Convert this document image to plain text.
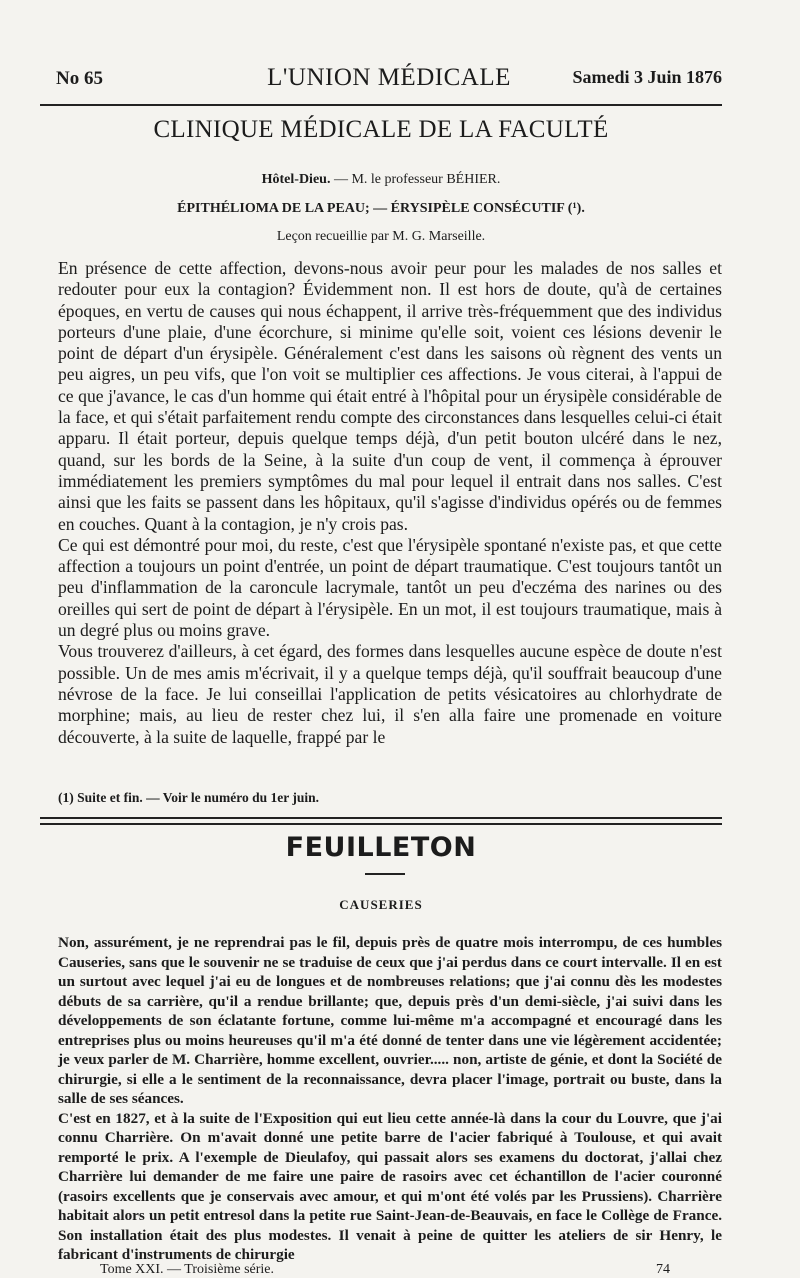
No 65	L'UNION MÉDICALE	Samedi 3 Juin 1876
CLINIQUE MÉDICALE DE LA FACULTÉ
Hôtel-Dieu. — M. le professeur BÉHIER.
ÉPITHÉLIOMA DE LA PEAU; — ÉRYSIPÈLE CONSÉCUTIF (¹).
Leçon recueillie par M. G. Marseille.

En présence de cette affection, devons-nous avoir peur pour les malades de nos salles et redouter pour eux la contagion? Évidemment non. Il est hors de doute, qu'à de certaines époques, en vertu de causes qui nous échappent, il arrive très-fréquemment que des individus porteurs d'une plaie, d'une écorchure, si minime qu'elle soit, voient ces lésions devenir le point de départ d'un érysipèle. Généralement c'est dans les saisons où règnent des vents un peu aigres, un peu vifs, que l'on voit se multiplier ces affections. Je vous citerai, à l'appui de ce que j'avance, le cas d'un homme qui était entré à l'hôpital pour un érysipèle considérable de la face, et qui s'était parfaitement rendu compte des circonstances dans lesquelles celui-ci était apparu. Il était porteur, depuis quelque temps déjà, d'un petit bouton ulcéré dans le nez, quand, sur les bords de la Seine, à la suite d'un coup de vent, il commença à éprouver immédiatement les premiers symptômes du mal pour lequel il entrait dans nos salles. C'est ainsi que les faits se passent dans les hôpitaux, qu'il s'agisse d'individus opérés ou de femmes en couches. Quant à la contagion, je n'y crois pas.

Ce qui est démontré pour moi, du reste, c'est que l'érysipèle spontané n'existe pas, et que cette affection a toujours un point d'entrée, un point de départ traumatique. C'est toujours tantôt un peu d'inflammation de la caroncule lacrymale, tantôt un peu d'eczéma des narines ou des oreilles qui sert de point de départ à l'érysipèle. En un mot, il est toujours traumatique, mais à un degré plus ou moins grave.

Vous trouverez d'ailleurs, à cet égard, des formes dans lesquelles aucune espèce de doute n'est possible. Un de mes amis m'écrivait, il y a quelque temps déjà, qu'il souffrait beaucoup d'une névrose de la face. Je lui conseillai l'application de petits vésicatoires au chlorhydrate de morphine; mais, au lieu de rester chez lui, il s'en alla faire une promenade en voiture découverte, à la suite de laquelle, frappé par le

(1) Suite et fin. — Voir le numéro du 1er juin.
FEUILLETON
CAUSERIES

Non, assurément, je ne reprendrai pas le fil, depuis près de quatre mois interrompu, de ces humbles Causeries, sans que le souvenir ne se traduise de ceux que j'ai perdus dans ce court intervalle. Il en est un surtout avec lequel j'ai eu de longues et de nombreuses relations; que j'ai connu dès les modestes débuts de sa carrière, qu'il a rendue brillante; que, depuis près d'un demi-siècle, j'ai suivi dans les développements de son éclatante fortune, comme lui-même m'a accompagné et encouragé dans les entreprises plus ou moins heureuses qu'il m'a été donné de tenter dans une vie légèrement accidentée; je veux parler de M. Charrière, homme excellent, ouvrier..... non, artiste de génie, et dont la Société de chirurgie, si elle a le sentiment de la reconnaissance, devra placer l'image, portrait ou buste, dans la salle de ses séances.

C'est en 1827, et à la suite de l'Exposition qui eut lieu cette année-là dans la cour du Louvre, que j'ai connu Charrière. On m'avait donné une petite barre de l'acier fabriqué à Toulouse, et qui avait remporté le prix. A l'exemple de Dieulafoy, qui passait alors ses examens du doctorat, j'allai chez Charrière lui demander de me faire une paire de rasoirs avec cet échantillon de l'acier couronné (rasoirs excellents que je conservais avec amour, et qui m'ont été volés par les Prussiens). Charrière habitait alors un petit entresol dans la petite rue Saint-Jean-de-Beauvais, en face le Collège de France. Son installation était des plus modestes. Il venait à peine de quitter les ateliers de sir Henry, le fabricant d'instruments de chirurgie

Tome XXI. — Troisième série.	74
